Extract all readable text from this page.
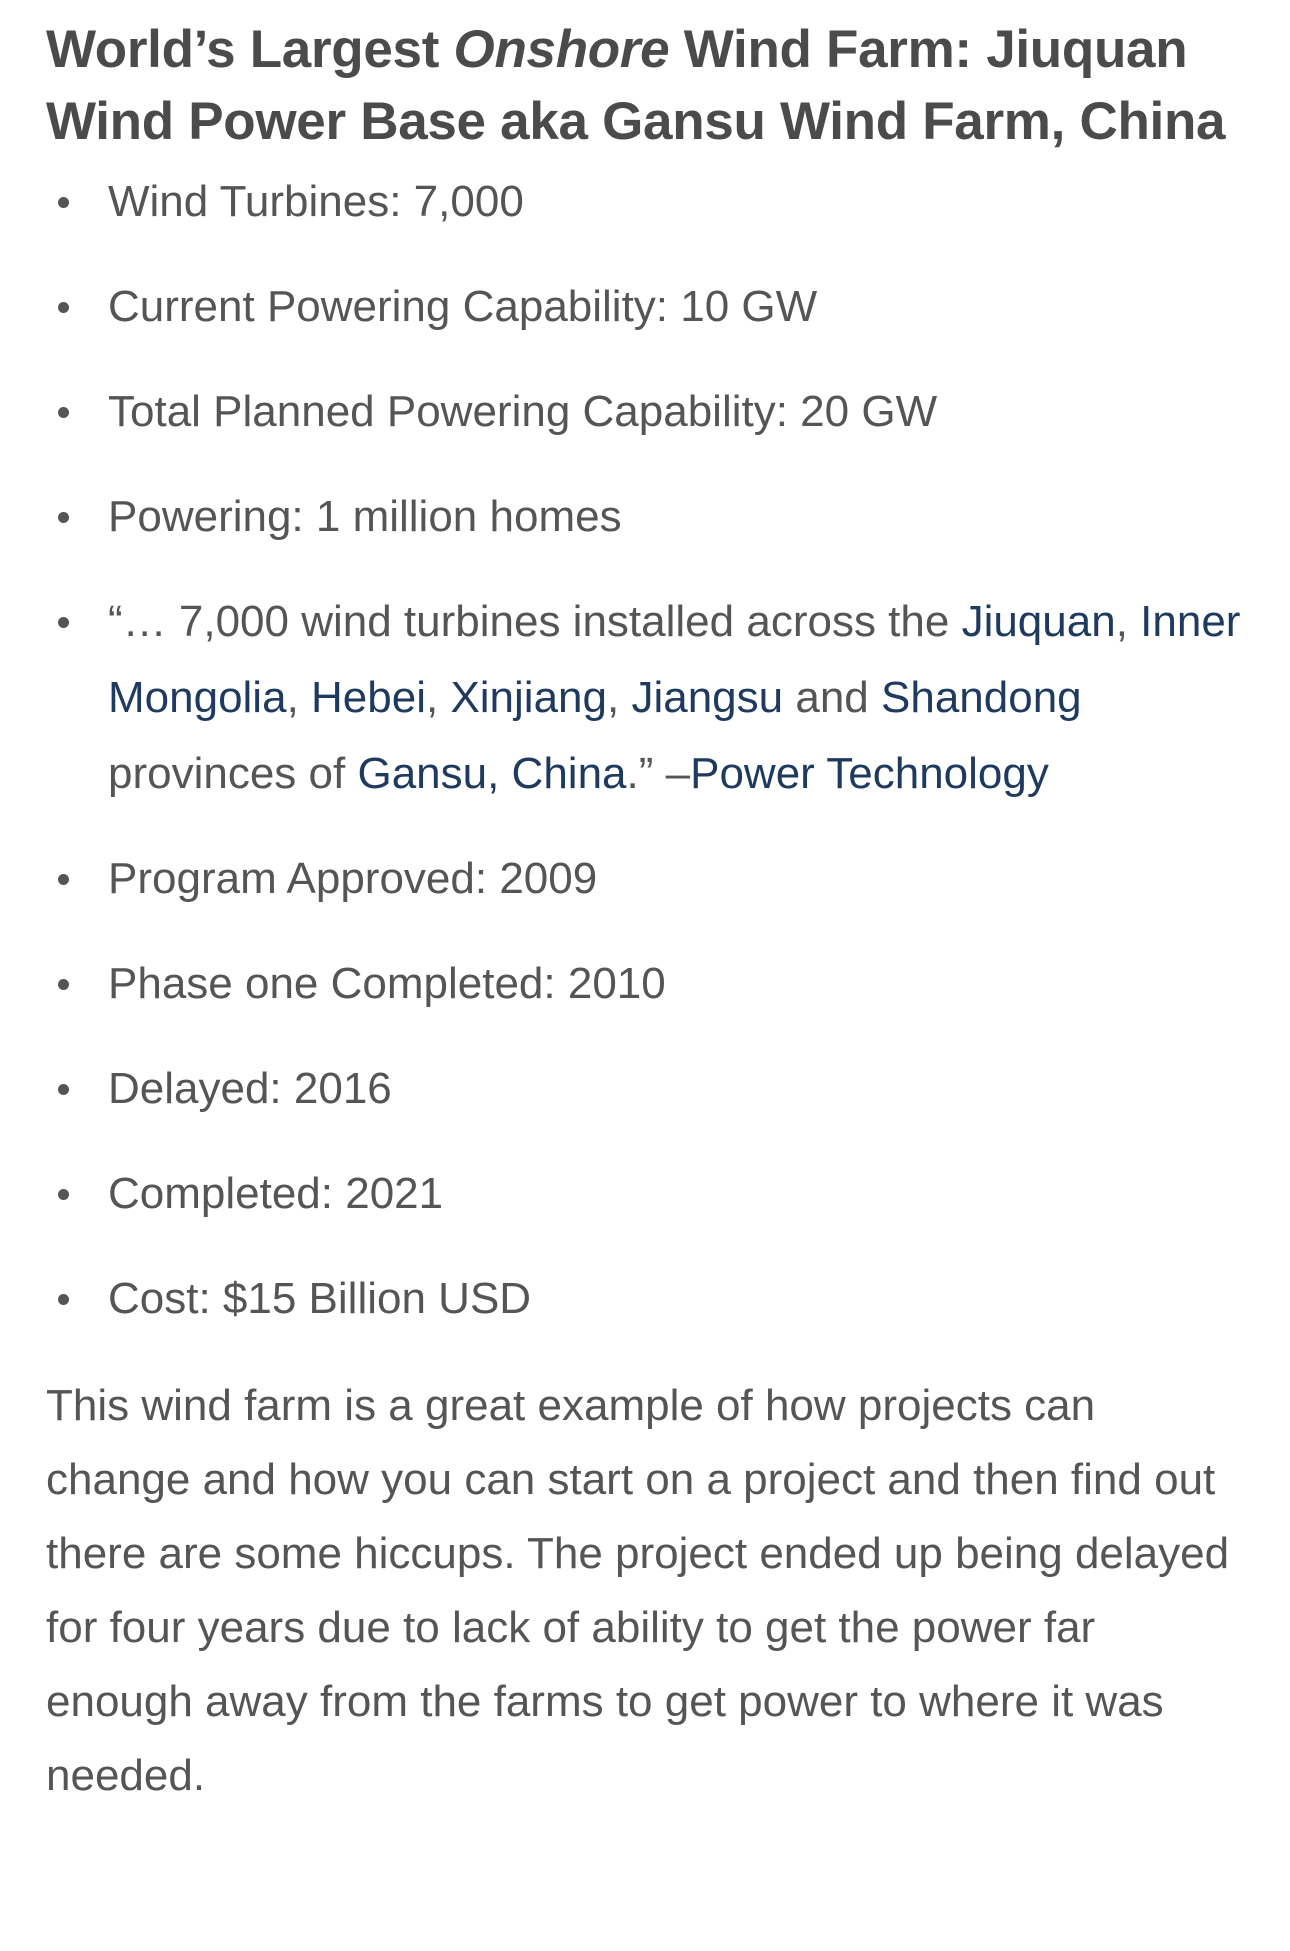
World’s Largest Onshore Wind Farm: Jiuquan Wind Power Base aka Gansu Wind Farm, China
Wind Turbines: 7,000
Current Powering Capability: 10 GW
Total Planned Powering Capability: 20 GW
Powering: 1 million homes
“… 7,000 wind turbines installed across the Jiuquan, Inner Mongolia, Hebei, Xinjiang, Jiangsu and Shandong provinces of Gansu, China.” –Power Technology
Program Approved: 2009
Phase one Completed: 2010
Delayed: 2016
Completed: 2021
Cost: $15 Billion USD

This wind farm is a great example of how projects can change and how you can start on a project and then find out there are some hiccups. The project ended up being delayed for four years due to lack of ability to get the power far enough away from the farms to get power to where it was needed.
